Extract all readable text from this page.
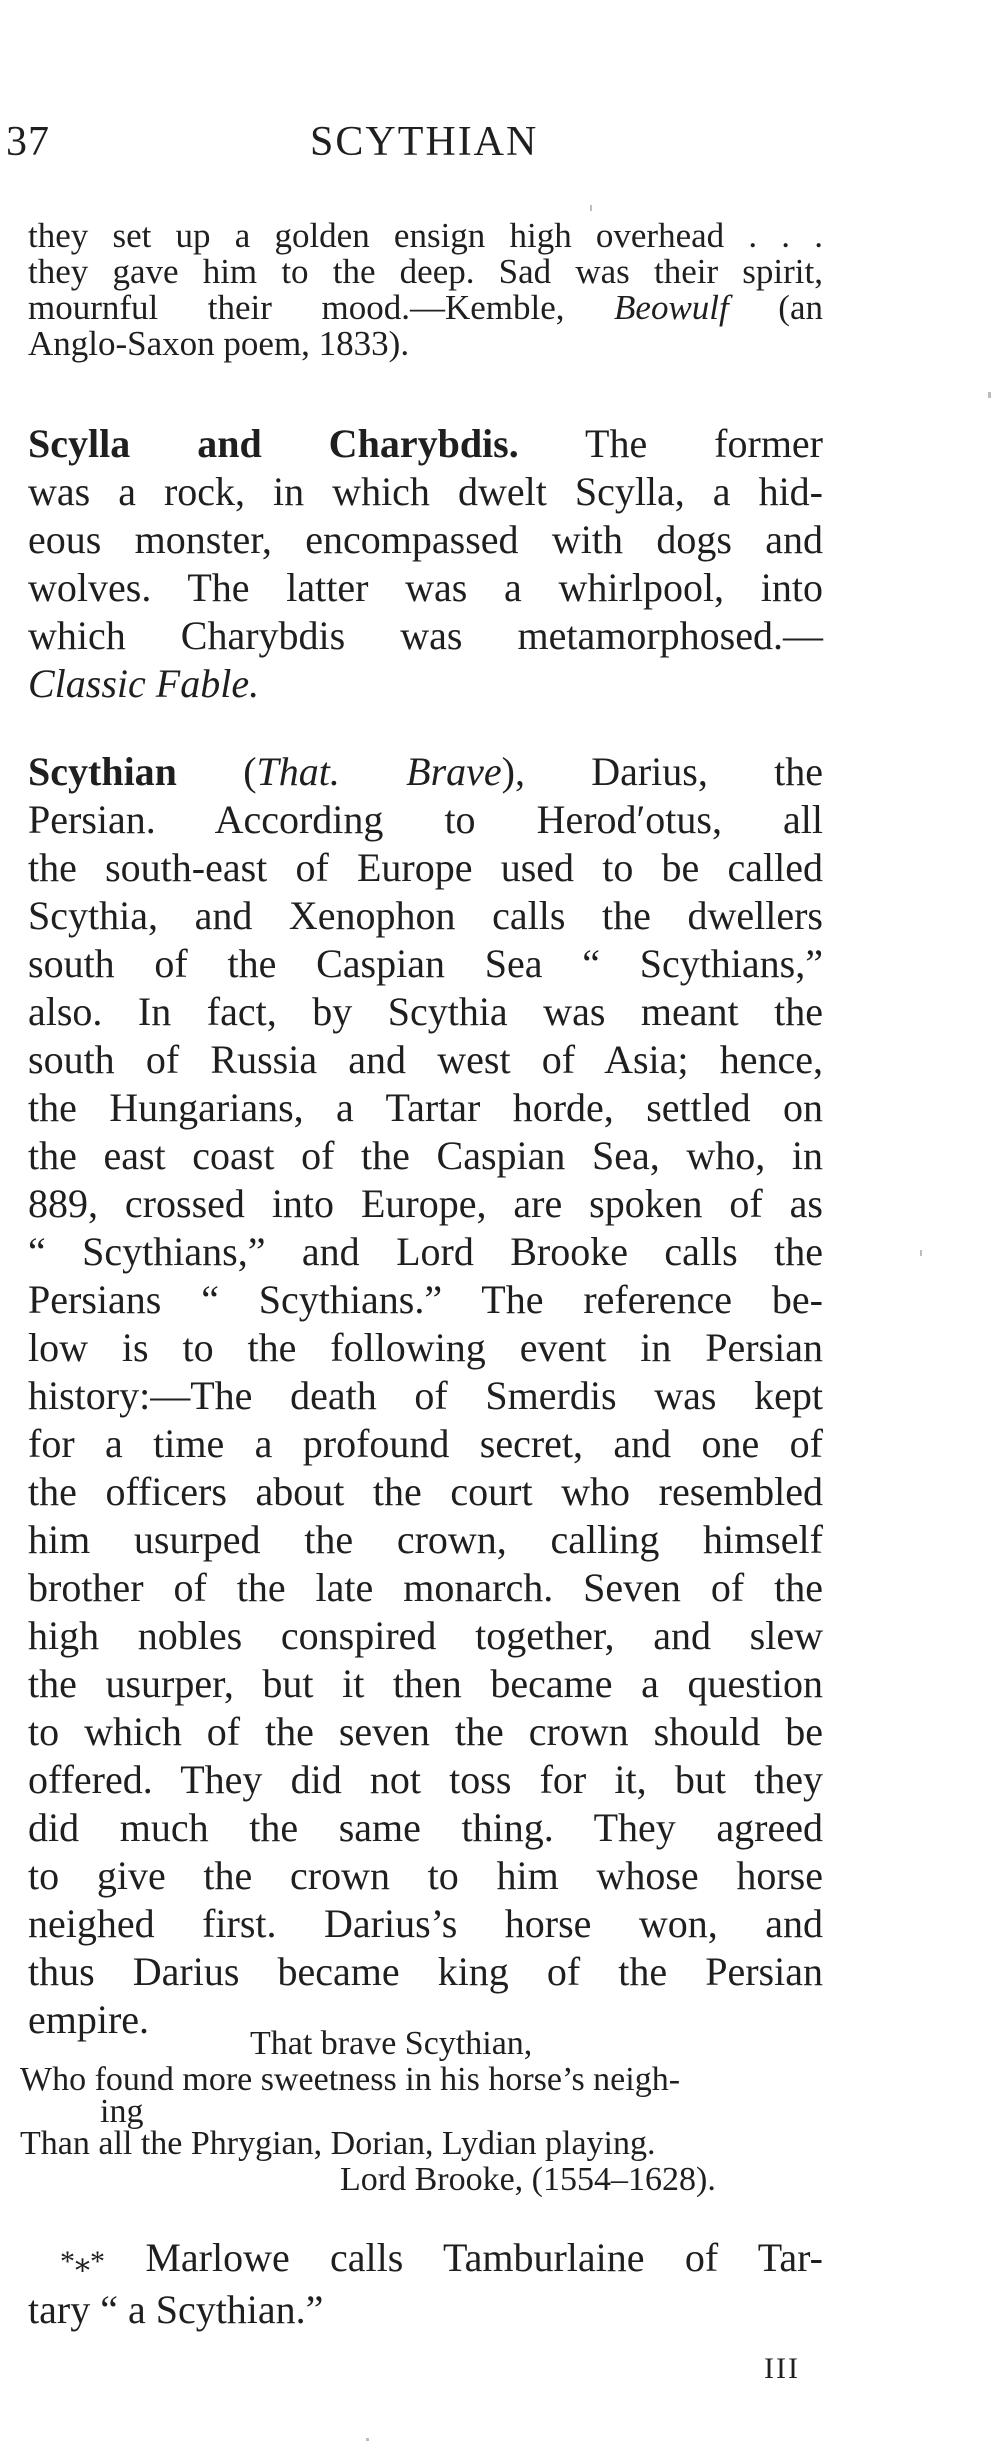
37	SCYTHIAN
they set up a golden ensign high overhead . . .
they gave him to the deep. Sad was their spirit,
mournful their mood.—Kemble, Beowulf (an
Anglo-Saxon poem, 1833).
Scylla and Charybdis. The former
was a rock, in which dwelt Scylla, a hid-
eous monster, encompassed with dogs and
wolves. The latter was a whirlpool, into
which Charybdis was metamorphosed.—
Classic Fable.
Scythian (That. Brave), Darius, the
Persian. According to Herod′otus, all
the south-east of Europe used to be called
Scythia, and Xenophon calls the dwellers
south of the Caspian Sea “ Scythians,”
also. In fact, by Scythia was meant the
south of Russia and west of Asia; hence,
the Hungarians, a Tartar horde, settled on
the east coast of the Caspian Sea, who, in
889, crossed into Europe, are spoken of as
“ Scythians,” and Lord Brooke calls the
Persians “ Scythians.” The reference be-
low is to the following event in Persian
history:—The death of Smerdis was kept
for a time a profound secret, and one of
the officers about the court who resembled
him usurped the crown, calling himself
brother of the late monarch. Seven of the
high nobles conspired together, and slew
the usurper, but it then became a question
to which of the seven the crown should be
offered. They did not toss for it, but they
did much the same thing. They agreed
to give the crown to him whose horse
neighed first. Darius’s horse won, and
thus Darius became king of the Persian
empire.
That brave Scythian,
Who found more sweetness in his horse’s neigh-
ing
Than all the Phrygian, Dorian, Lydian playing.
Lord Brooke, (1554–1628).
*⁎* Marlowe calls Tamburlaine of Tar-
tary “ a Scythian.”
III
